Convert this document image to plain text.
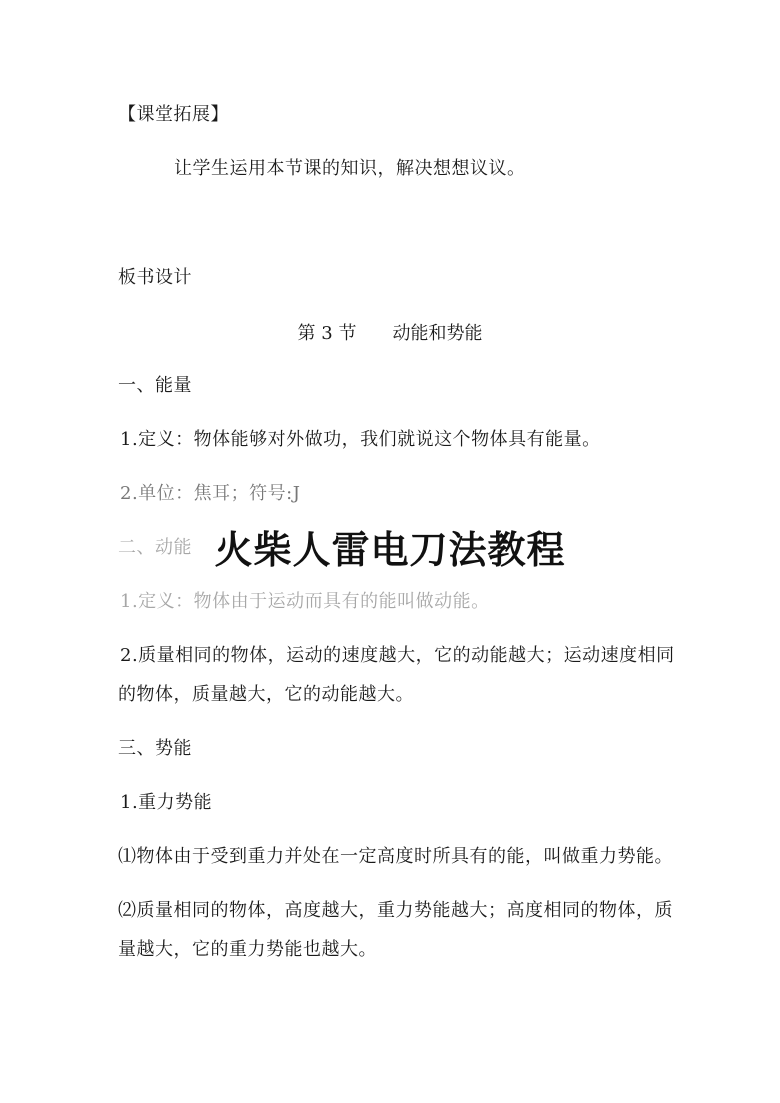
【课堂拓展】
让学生运用本节课的知识，解决想想议议。
板书设计
第 3 节 动能和势能
一、能量
1.定义：物体能够对外做功，我们就说这个物体具有能量。
2.单位：焦耳；符号:J
二、动能 火柴人雷电刀法教程
1.定义：物体由于运动而具有的能叫做动能。
2.质量相同的物体，运动的速度越大，它的动能越大；运动速度相同
的物体，质量越大，它的动能越大。
三、势能
1.重力势能
⑴物体由于受到重力并处在一定高度时所具有的能，叫做重力势能。
⑵质量相同的物体，高度越大，重力势能越大；高度相同的物体，质
量越大，它的重力势能也越大。
